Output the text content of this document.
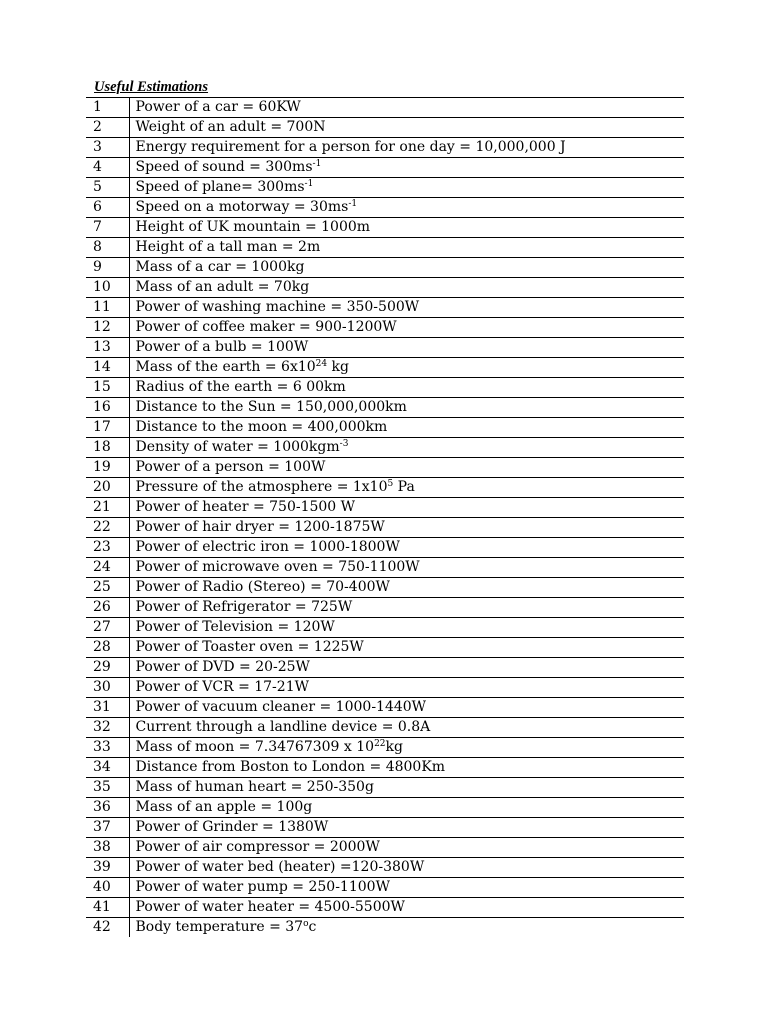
Useful Estimations
1	Power of a car = 60KW
2	Weight of an adult = 700N
3	Energy requirement for a person for one day = 10,000,000 J
4	Speed of sound = $300ms^{-1}$
5	Speed of plane= $300ms^{-1}$
6	Speed on a motorway = $30ms^{-1}$
7	Height of UK mountain = 1000m
8	Height of a tall man = 2m
9	Mass of a car = 1000kg
10	Mass of an adult = 70kg
11	Power of washing machine = 350-500W
12	Power of coffee maker = 900-1200W
13	Power of a bulb = 100W
14	Mass of the earth = $6x10^{24}$ kg
15	Radius of the earth = 6 00km
16	Distance to the Sun = 150,000,000km
17	Distance to the moon = 400,000km
18	Density of water = 1000kgm$^{-3}$
19	Power of a person = 100W
20	Pressure of the atmosphere = $1x10^5$ Pa
21	Power of heater = 750-1500 W
22	Power of hair dryer = 1200-1875W
23	Power of electric iron = 1000-1800W
24	Power of microwave oven = 750-1100W
25	Power of Radio (Stereo) = 70-400W
26	Power of Refrigerator = 725W
27	Power of Television = 120W
28	Power of Toaster oven = 1225W
29	Power of DVD = 20-25W
30	Power of VCR = 17-21W
31	Power of vacuum cleaner = 1000-1440W
32	Current through a landline device = 0.8A
33	Mass of moon = 7.34767309 x $10^{22}kg$
34	Distance from Boston to London = 4800Km
35	Mass of human heart = 250-350g
36	Mass of an apple = 100g
37	Power of Grinder = 1380W
38	Power of air compressor = 2000W
39	Power of water bed (heater) =120-380W
40	Power of water pump = 250-1100W
41	Power of water heater = 4500-5500W
42	Body temperature = $37^oc$
